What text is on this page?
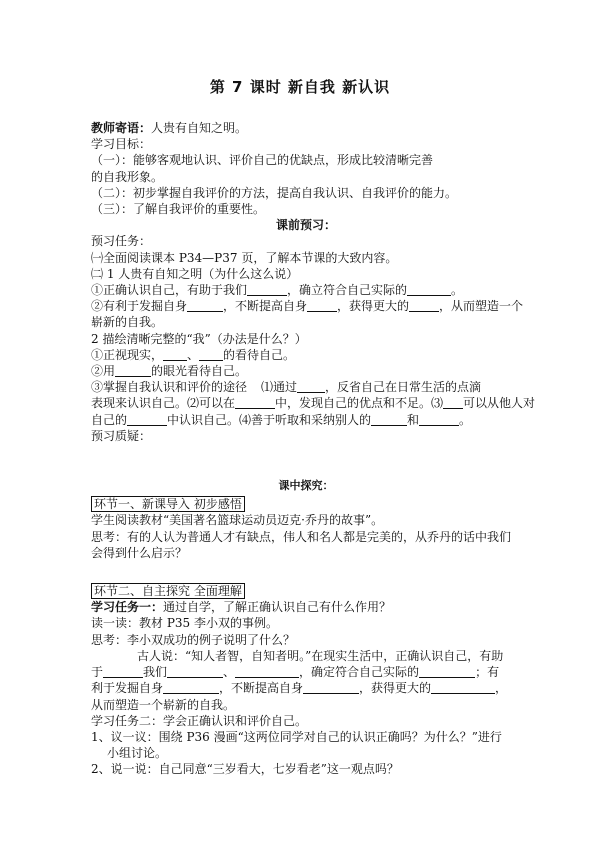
第 7 课时 新自我 新认识

教师寄语：人贵有自知之明。

学习目标：

（一）：能够客观地认识、评价自己的优缺点，形成比较清晰完善

的自我形象。

（二）：初步掌握自我评价的方法，提高自我认识、自我评价的能力。

（三）：了解自我评价的重要性。

课前预习：

预习任务：

㈠全面阅读课本 P34—P37 页，了解本节课的大致内容。

㈡ 1 人贵有自知之明（为什么这么说）

①正确认识自己，有助于我们	，确立符合自己实际的	。

②有利于发掘自身	，不断提高自身	，获得更大的	，从而塑造一个

崭新的自我。

2 描绘清晰完整的“我”（办法是什么？）

①正视现实， 、 的看待自己。

②用	的眼光看待自己。

③掌握自我认识和评价的途径 ⑴通过 ，反省自己在日常生活的点滴

表现来认识自己。⑵可以在	中，发现自己的优点和不足。⑶ 可以从他人对

自己的	中认识自己。⑷善于听取和采纳别人的	和	。

预习质疑：

课中探究：

环节一、新课导入 初步感悟

学生阅读教材“美国著名篮球运动员迈克·乔丹的故事”。

思考：有的人认为普通人才有缺点，伟人和名人都是完美的，从乔丹的话中我们

会得到什么启示？

环节二、自主探究 全面理解

学习任务一：通过自学，了解正确认识自己有什么作用？

读一读：教材 P35 李小双的事例。

思考：李小双成功的例子说明了什么？

古人说：“知人者智，自知者明。”在现实生活中，正确认识自己，有助

于	我们	、	，确定符合自己实际的	；有

利于发掘自身	，不断提高自身	，获得更大的	，

从而塑造一个崭新的自我。

学习任务二：学会正确认识和评价自己。

1、议一议：围绕 P36 漫画“这两位同学对自己的认识正确吗？为什么？”进行

小组讨论。

2、说一说：自己同意“三岁看大，七岁看老”这一观点吗？
